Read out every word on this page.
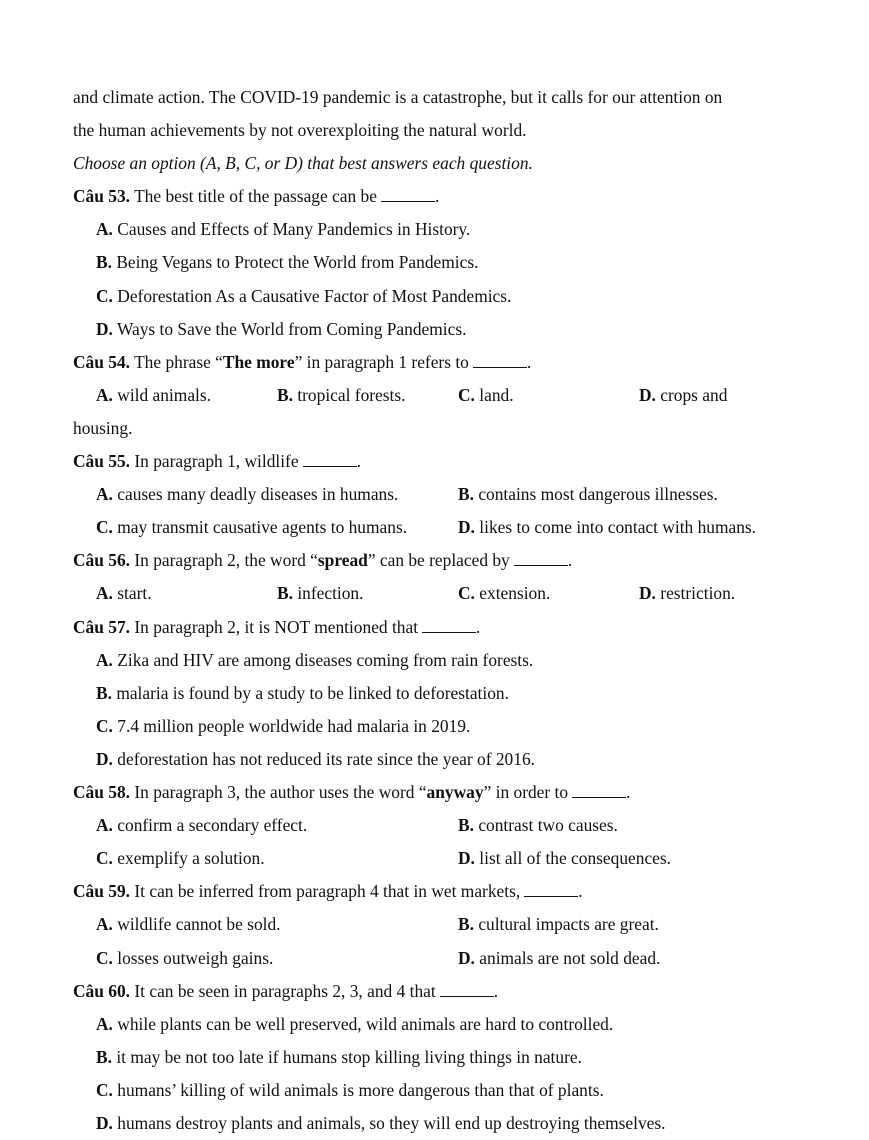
and climate action. The COVID-19 pandemic is a catastrophe, but it calls for our attention on
the human achievements by not overexploiting the natural world.
Choose an option (A, B, C, or D) that best answers each question.
Câu 53. The best title of the passage can be	.
A. Causes and Effects of Many Pandemics in History.
B. Being Vegans to Protect the World from Pandemics.
C. Deforestation As a Causative Factor of Most Pandemics.
D. Ways to Save the World from Coming Pandemics.
Câu 54. The phrase “The more” in paragraph 1 refers to	.
A. wild animals.	B. tropical forests.	C. land.	D. crops and
housing.
Câu 55. In paragraph 1, wildlife	.
A. causes many deadly diseases in humans.	B. contains most dangerous illnesses.
C. may transmit causative agents to humans.	D. likes to come into contact with humans.
Câu 56. In paragraph 2, the word “spread” can be replaced by	.
A. start.	B. infection.	C. extension.	D. restriction.
Câu 57. In paragraph 2, it is NOT mentioned that	.
A. Zika and HIV are among diseases coming from rain forests.
B. malaria is found by a study to be linked to deforestation.
C. 7.4 million people worldwide had malaria in 2019.
D. deforestation has not reduced its rate since the year of 2016.
Câu 58. In paragraph 3, the author uses the word “anyway” in order to	.
A. confirm a secondary effect.	B. contrast two causes.
C. exemplify a solution.	D. list all of the consequences.
Câu 59. It can be inferred from paragraph 4 that in wet markets,	.
A. wildlife cannot be sold.	B. cultural impacts are great.
C. losses outweigh gains.	D. animals are not sold dead.
Câu 60. It can be seen in paragraphs 2, 3, and 4 that	.
A. while plants can be well preserved, wild animals are hard to controlled.
B. it may be not too late if humans stop killing living things in nature.
C. humans’ killing of wild animals is more dangerous than that of plants.
D. humans destroy plants and animals, so they will end up destroying themselves.
